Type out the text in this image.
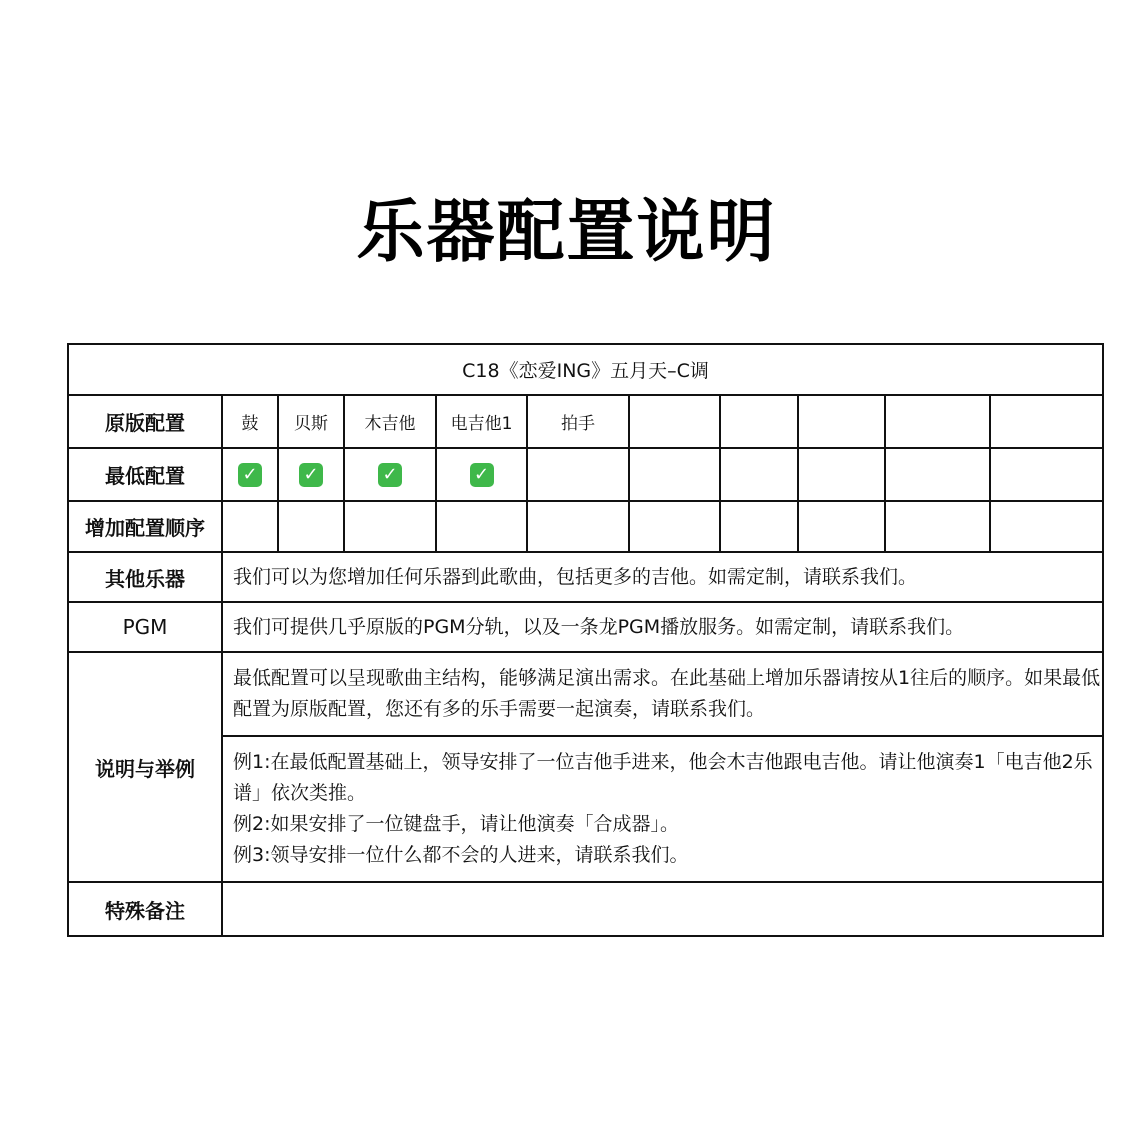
乐器配置说明
C18《恋爱ING》五月天–C调										
原版配置	鼓	贝斯	木吉他	电吉他1	拍手					
最低配置	✓	✓	✓	✓						
增加配置顺序										
其他乐器	我们可以为您增加任何乐器到此歌曲，包括更多的吉他。如需定制，请联系我们。									
PGM	我们可提供几乎原版的PGM分轨，以及一条龙PGM播放服务。如需定制，请联系我们。									
说明与举例	最低配置可以呈现歌曲主结构，能够满足演出需求。在此基础上增加乐器请按从1往后的顺序。如果最低配置为原版配置，您还有多的乐手需要一起演奏，请联系我们。									

	例1:在最低配置基础上，领导安排了一位吉他手进来，他会木吉他跟电吉他。请让他演奏1「电吉他2乐谱」依次类推。

例2:如果安排了一位键盘手，请让他演奏「合成器」。

例3:领导安排一位什么都不会的人进来，请联系我们。									

特殊备注										
